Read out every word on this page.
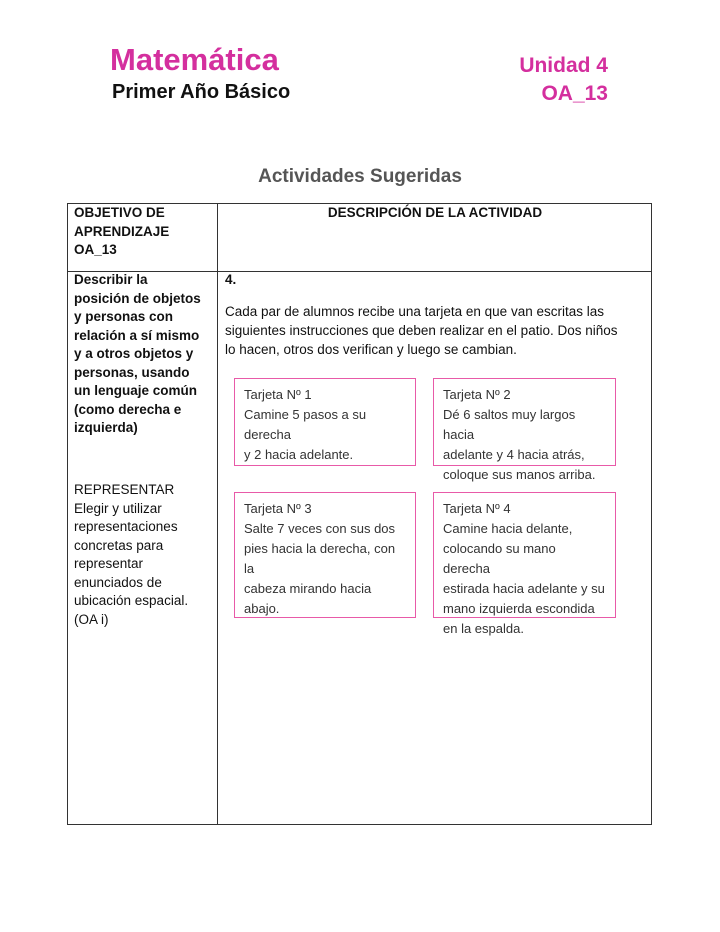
Matemática
Primer Año Básico
Unidad 4
OA_13
Actividades Sugeridas
OBJETIVO DE
APRENDIZAJE
OA_13
DESCRIPCIÓN DE LA ACTIVIDAD
Describir la
posición de objetos
y personas con
relación a sí mismo
y a otros objetos y
personas, usando
un lenguaje común
(como derecha e
izquierda)
REPRESENTAR
Elegir y utilizar
representaciones
concretas para
representar
enunciados de
ubicación espacial.
(OA i)
4.
Cada par de alumnos recibe una tarjeta en que van escritas las
siguientes instrucciones que deben realizar en el patio. Dos niños
lo hacen, otros dos verifican y luego se cambian.
Tarjeta Nº 1
Camine 5 pasos a su derecha
y 2 hacia adelante.
Tarjeta Nº 2
Dé 6 saltos muy largos hacia
adelante y 4 hacia atrás,
coloque sus manos arriba.
Tarjeta Nº 3
Salte 7 veces con sus dos
pies hacia la derecha, con la
cabeza mirando hacia abajo.
Tarjeta Nº 4
Camine hacia delante,
colocando su mano derecha
estirada hacia adelante y su
mano izquierda escondida
en la espalda.
